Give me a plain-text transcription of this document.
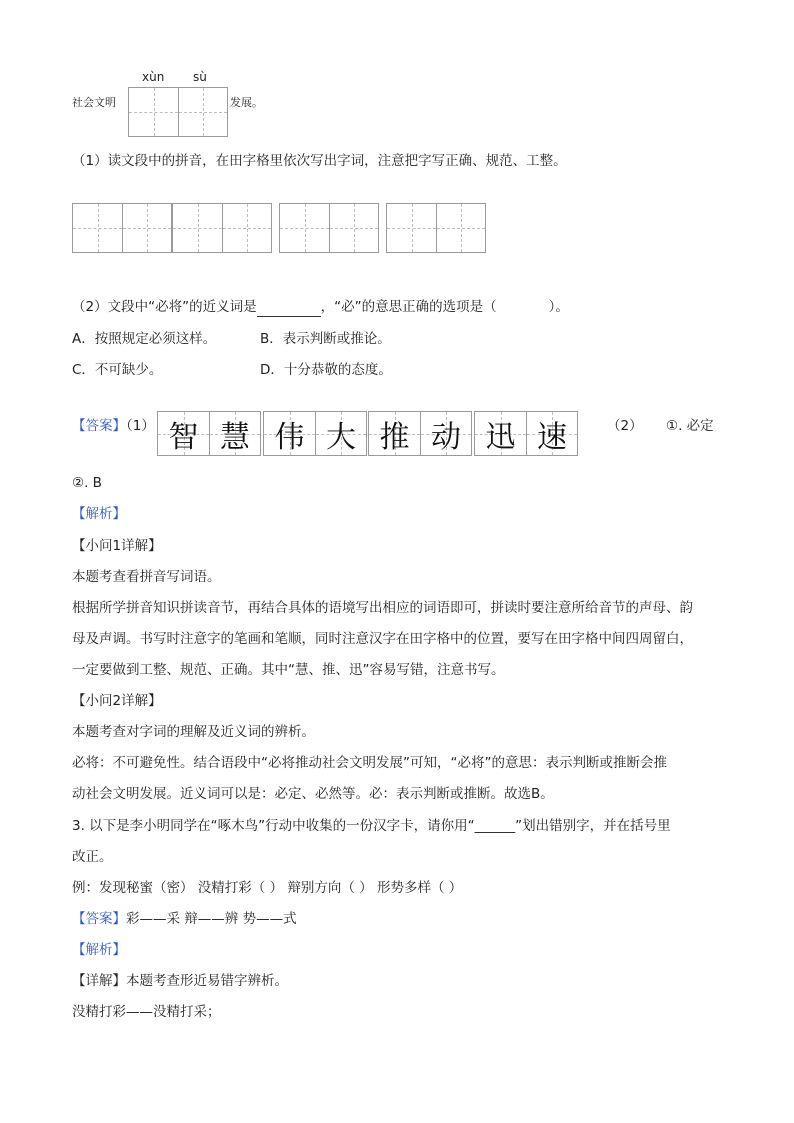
社会文明
xùn sù
发展。
（1）读文段中的拼音，在田字格里依次写出字词，注意把字写正确、规范、工整。
（2）文段中“必将”的近义词是	，“必”的意思正确的选项是（	）。
A．按照规定必须这样。	B．表示判断或推论。
C．不可缺少。	D．十分恭敬的态度。
【答案】（1） 智 慧 伟 大 推 动 迅 速	（2） ①. 必定
②. B
【解析】
【小问1详解】
本题考查看拼音写词语。
根据所学拼音知识拼读音节，再结合具体的语境写出相应的词语即可，拼读时要注意所给音节的声母、韵
母及声调。书写时注意字的笔画和笔顺，同时注意汉字在田字格中的位置，要写在田字格中间四周留白，
一定要做到工整、规范、正确。其中“慧、推、迅”容易写错，注意书写。
【小问2详解】
本题考查对字词的理解及近义词的辨析。
必将：不可避免性。结合语段中“必将推动社会文明发展”可知，“必将”的意思：表示判断或推断会推
动社会文明发展。近义词可以是：必定、必然等。必：表示判断或推断。故选B。
3. 以下是李小明同学在“啄木鸟”行动中收集的一份汉字卡，请你用“______”划出错别字，并在括号里
改正。
例：发现秘蜜（密） 没精打彩（ ） 辩别方向（ ） 形势多样（ ）
【答案】彩——采 辩——辨 势——式
【解析】
【详解】本题考查形近易错字辨析。
没精打彩——没精打采；
